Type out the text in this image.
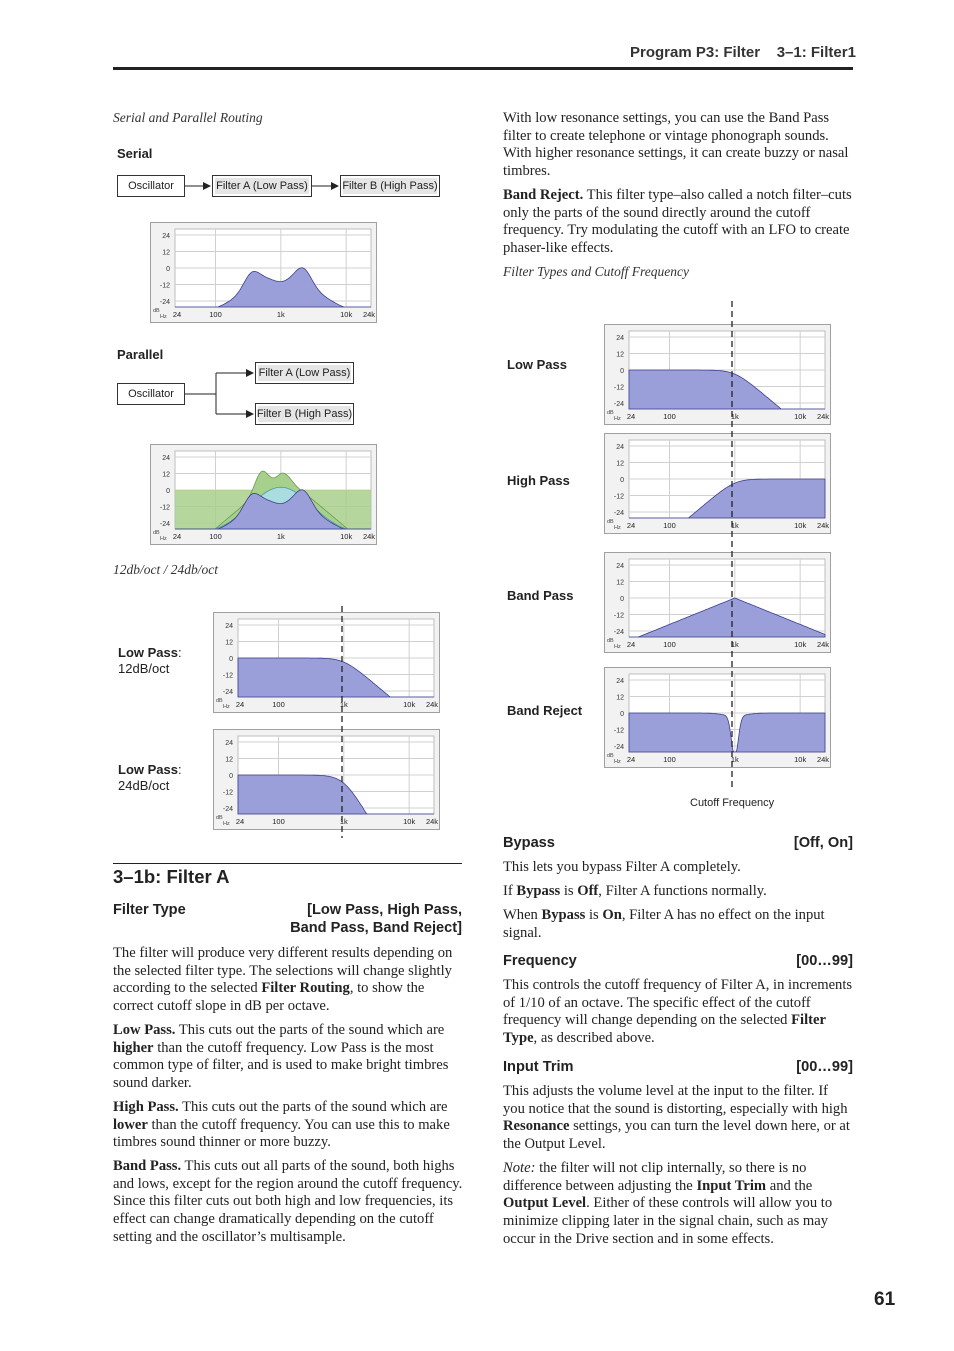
Program P3: Filter    3–1: Filter1
Serial and Parallel Routing
Serial
Oscillator	Filter A (Low Pass)	Filter B (High Pass)
24
12
0
-12
-24
24	100	1k	10k 24k
dB
Hz
Parallel
Filter A (Low Pass)
Oscillator
Filter B (High Pass)
24
12
0
-12
-24
24	100	1k	10k 24k
dB
Hz
12db/oct / 24db/oct
Low Pass:
12dB/oct
24
12
0
-12
-24
24	100	1k	10k 24k
dB
Hz
Low Pass:
24dB/oct
24
12
0
-12
-24
24	100	1k	10k 24k
dB
Hz
3–1b: Filter A
Filter Type	[Low Pass, High Pass,
Band Pass, Band Reject]
The filter will produce very different results depending on the selected filter type. The selections will change slightly according to the selected Filter Routing, to show the correct cutoff slope in dB per octave.
Low Pass. This cuts out the parts of the sound which are higher than the cutoff frequency. Low Pass is the most common type of filter, and is used to make bright timbres sound darker.
High Pass. This cuts out the parts of the sound which are lower than the cutoff frequency. You can use this to make timbres sound thinner or more buzzy.
Band Pass. This cuts out all parts of the sound, both highs and lows, except for the region around the cutoff frequency. Since this filter cuts out both high and low frequencies, its effect can change dramatically depending on the cutoff setting and the oscillator’s multisample.
With low resonance settings, you can use the Band Pass filter to create telephone or vintage phonograph sounds. With higher resonance settings, it can create buzzy or nasal timbres.
Band Reject. This filter type–also called a notch filter–cuts only the parts of the sound directly around the cutoff frequency. Try modulating the cutoff with an LFO to create phaser-like effects.
Filter Types and Cutoff Frequency
Low Pass
24
12
0
-12
-24
24	100	1k	10k 24k
dB
Hz
High Pass
24
12
0
-12
-24
24	100	1k	10k 24k
dB
Hz
Band Pass
24
12
0
-12
-24
24	100	1k	10k 24k
dB
Hz
Band Reject
24
12
0
-12
-24
24	100	1k	10k 24k
dB
Hz
Cutoff Frequency
Bypass	[Off, On]
This lets you bypass Filter A completely.
If Bypass is Off, Filter A functions normally.
When Bypass is On, Filter A has no effect on the input signal.
Frequency	[00…99]
This controls the cutoff frequency of Filter A, in increments of 1/10 of an octave. The specific effect of the cutoff frequency will change depending on the selected Filter Type, as described above.
Input Trim	[00…99]
This adjusts the volume level at the input to the filter. If you notice that the sound is distorting, especially with high Resonance settings, you can turn the level down here, or at the Output Level.
Note: the filter will not clip internally, so there is no difference between adjusting the Input Trim and the Output Level. Either of these controls will allow you to minimize clipping later in the signal chain, such as may occur in the Drive section and in some effects.
61
